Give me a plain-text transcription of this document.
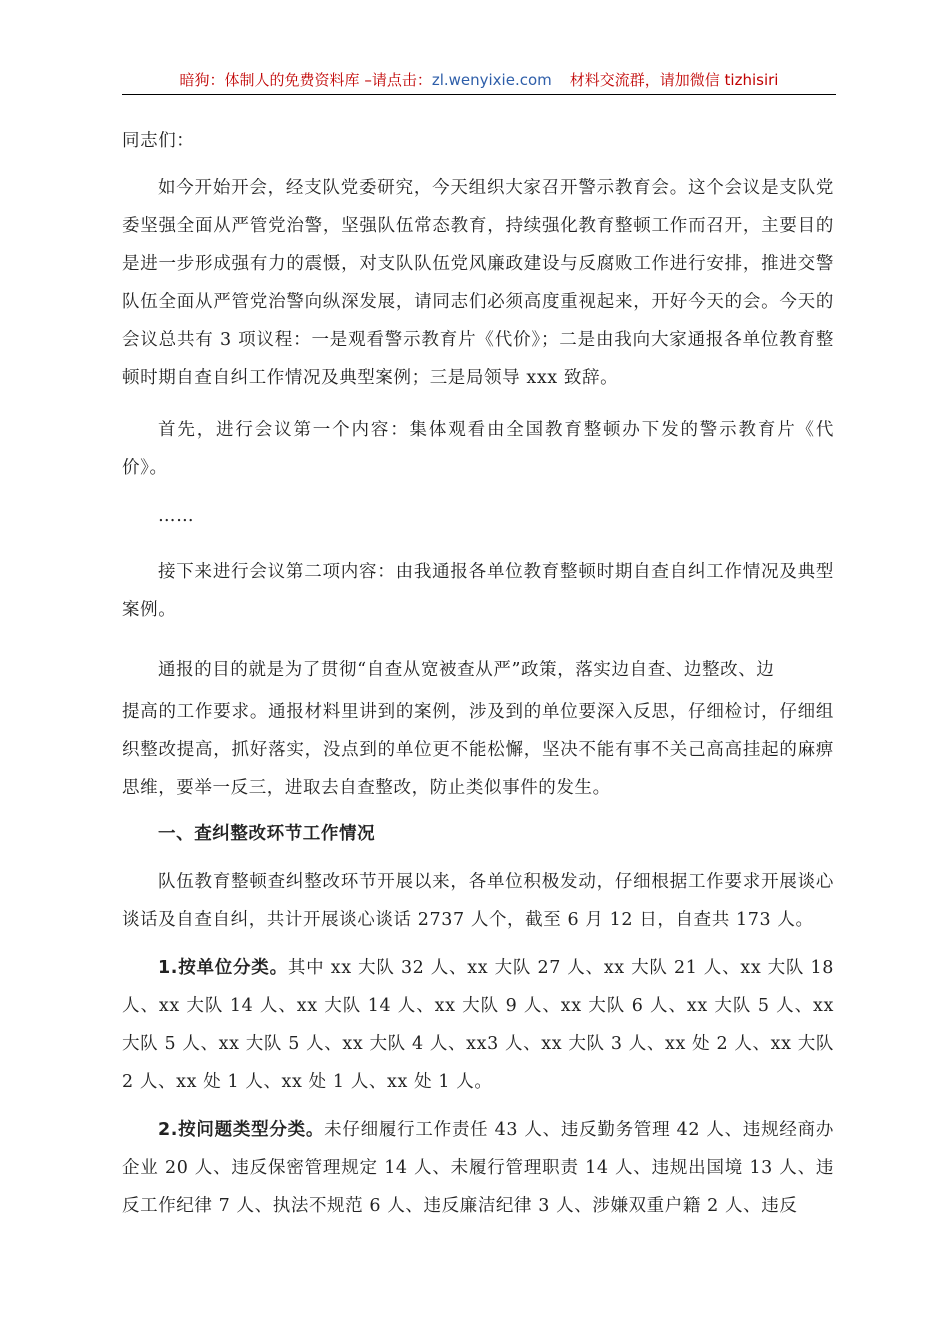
暗狗：体制人的免费资料库 –请点击：zl.wenyixie.com 材料交流群，请加微信 tizhisiri

同志们：

如今开始开会，经支队党委研究，今天组织大家召开警示教育会。这个会议是支队党委坚强全面从严管党治警，坚强队伍常态教育，持续强化教育整顿工作而召开，主要目的是进一步形成强有力的震慑，对支队队伍党风廉政建设与反腐败工作进行安排，推进交警队伍全面从严管党治警向纵深发展，请同志们必须高度重视起来，开好今天的会。今天的会议总共有 3 项议程：一是观看警示教育片《代价》；二是由我向大家通报各单位教育整顿时期自查自纠工作情况及典型案例；三是局领导 xxx 致辞。

首先，进行会议第一个内容：集体观看由全国教育整顿办下发的警示教育片《代价》。

……

接下来进行会议第二项内容：由我通报各单位教育整顿时期自查自纠工作情况及典型案例。

通报的目的就是为了贯彻“自查从宽被查从严”政策，落实边自查、边整改、边

提高的工作要求。通报材料里讲到的案例，涉及到的单位要深入反思，仔细检讨，仔细组织整改提高，抓好落实，没点到的单位更不能松懈，坚决不能有事不关己高高挂起的麻痹思维，要举一反三，进取去自查整改，防止类似事件的发生。

一、查纠整改环节工作情况

队伍教育整顿查纠整改环节开展以来，各单位积极发动，仔细根据工作要求开展谈心谈话及自查自纠，共计开展谈心谈话 2737 人个，截至 6 月 12 日，自查共 173 人。

1.按单位分类。其中 xx 大队 32 人、xx 大队 27 人、xx 大队 21 人、xx 大队 18 人、xx 大队 14 人、xx 大队 14 人、xx 大队 9 人、xx 大队 6 人、xx 大队 5 人、xx 大队 5 人、xx 大队 5 人、xx 大队 4 人、xx3 人、xx 大队 3 人、xx 处 2 人、xx 大队 2 人、xx 处 1 人、xx 处 1 人、xx 处 1 人。

2.按问题类型分类。未仔细履行工作责任 43 人、违反勤务管理 42 人、违规经商办企业 20 人、违反保密管理规定 14 人、未履行管理职责 14 人、违规出国境 13 人、违反工作纪律 7 人、执法不规范 6 人、违反廉洁纪律 3 人、涉嫌双重户籍 2 人、违反
